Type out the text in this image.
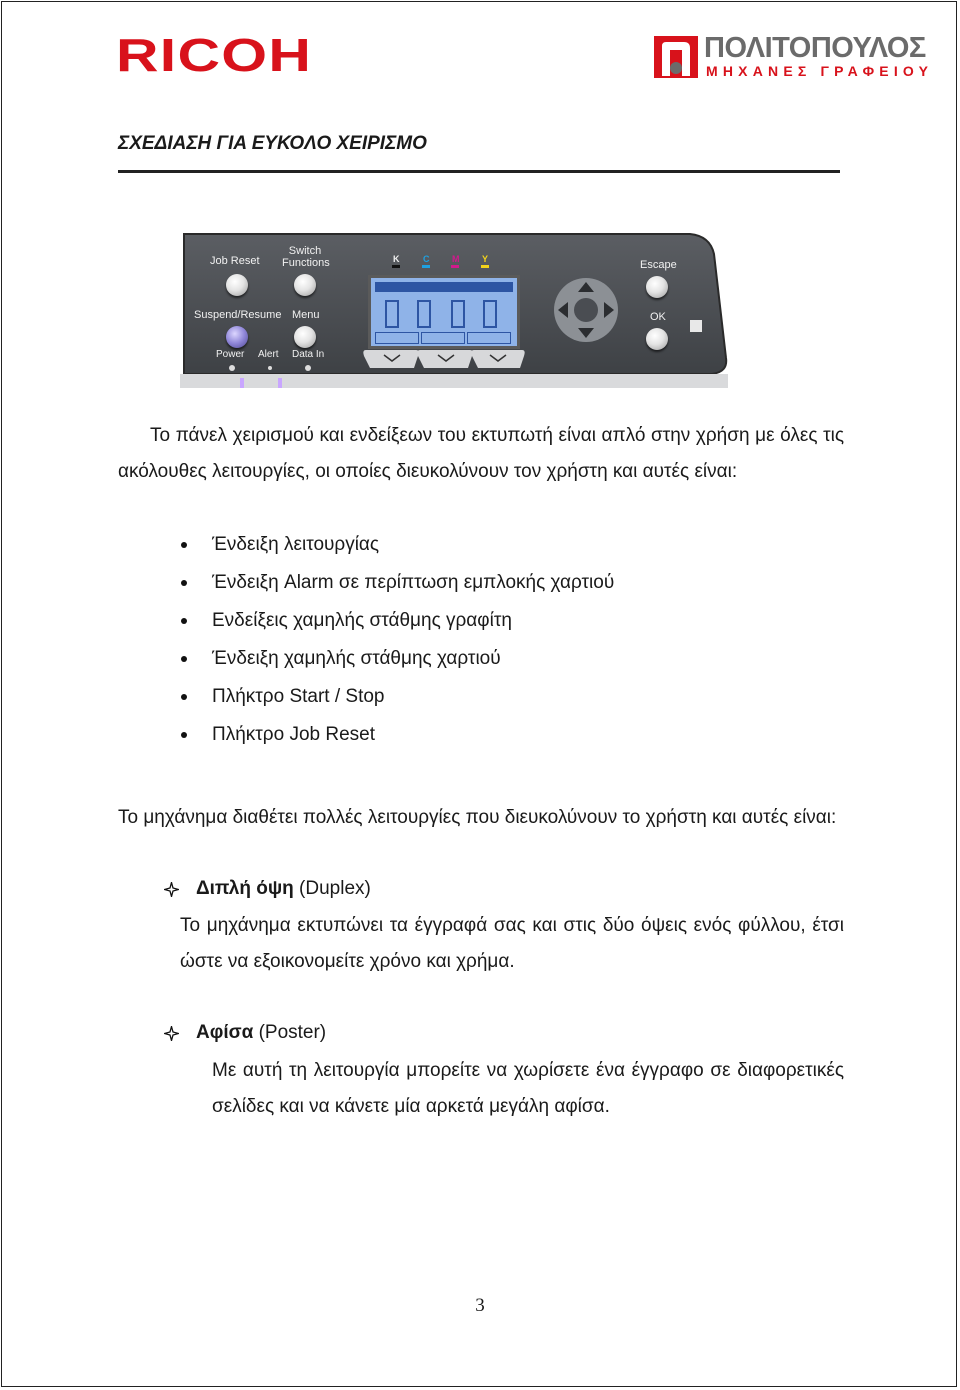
RICOH	ΠΟΛΙΤΟΠΟΥΛΟΣ
ΜΗΧΑΝΕΣ ΓΡΑΦΕΙΟΥ
ΣΧΕΔΙΑΣΗ ΓΙΑ ΕΥΚΟΛΟ ΧΕΙΡΙΣΜΟ
Job Reset
Switch Functions
Suspend/Resume Menu
Power Alert Data In
Escape
OK
K	C	M	Y
Το πάνελ χειρισμού και ενδείξεων του εκτυπωτή είναι απλό στην χρήση με όλες τις ακόλουθες λειτουργίες, οι οποίες διευκολύνουν τον χρήστη και αυτές είναι:
Ένδειξη λειτουργίας
Ένδειξη Alarm σε περίπτωση εμπλοκής χαρτιού
Ενδείξεις χαμηλής στάθμης γραφίτη
Ένδειξη χαμηλής στάθμης χαρτιού
Πλήκτρο Start / Stop
Πλήκτρο Job Reset
Το μηχάνημα διαθέτει πολλές λειτουργίες που διευκολύνουν το χρήστη και αυτές είναι:
Διπλή όψη (Duplex)
Το μηχάνημα εκτυπώνει τα έγγραφά σας και στις δύο όψεις ενός φύλλου, έτσι ώστε να εξοικονομείτε χρόνο και χρήμα.
Αφίσα (Poster)
Με αυτή τη λειτουργία μπορείτε να χωρίσετε ένα έγγραφο σε διαφορετικές σελίδες και να κάνετε μία αρκετά μεγάλη αφίσα.
3
